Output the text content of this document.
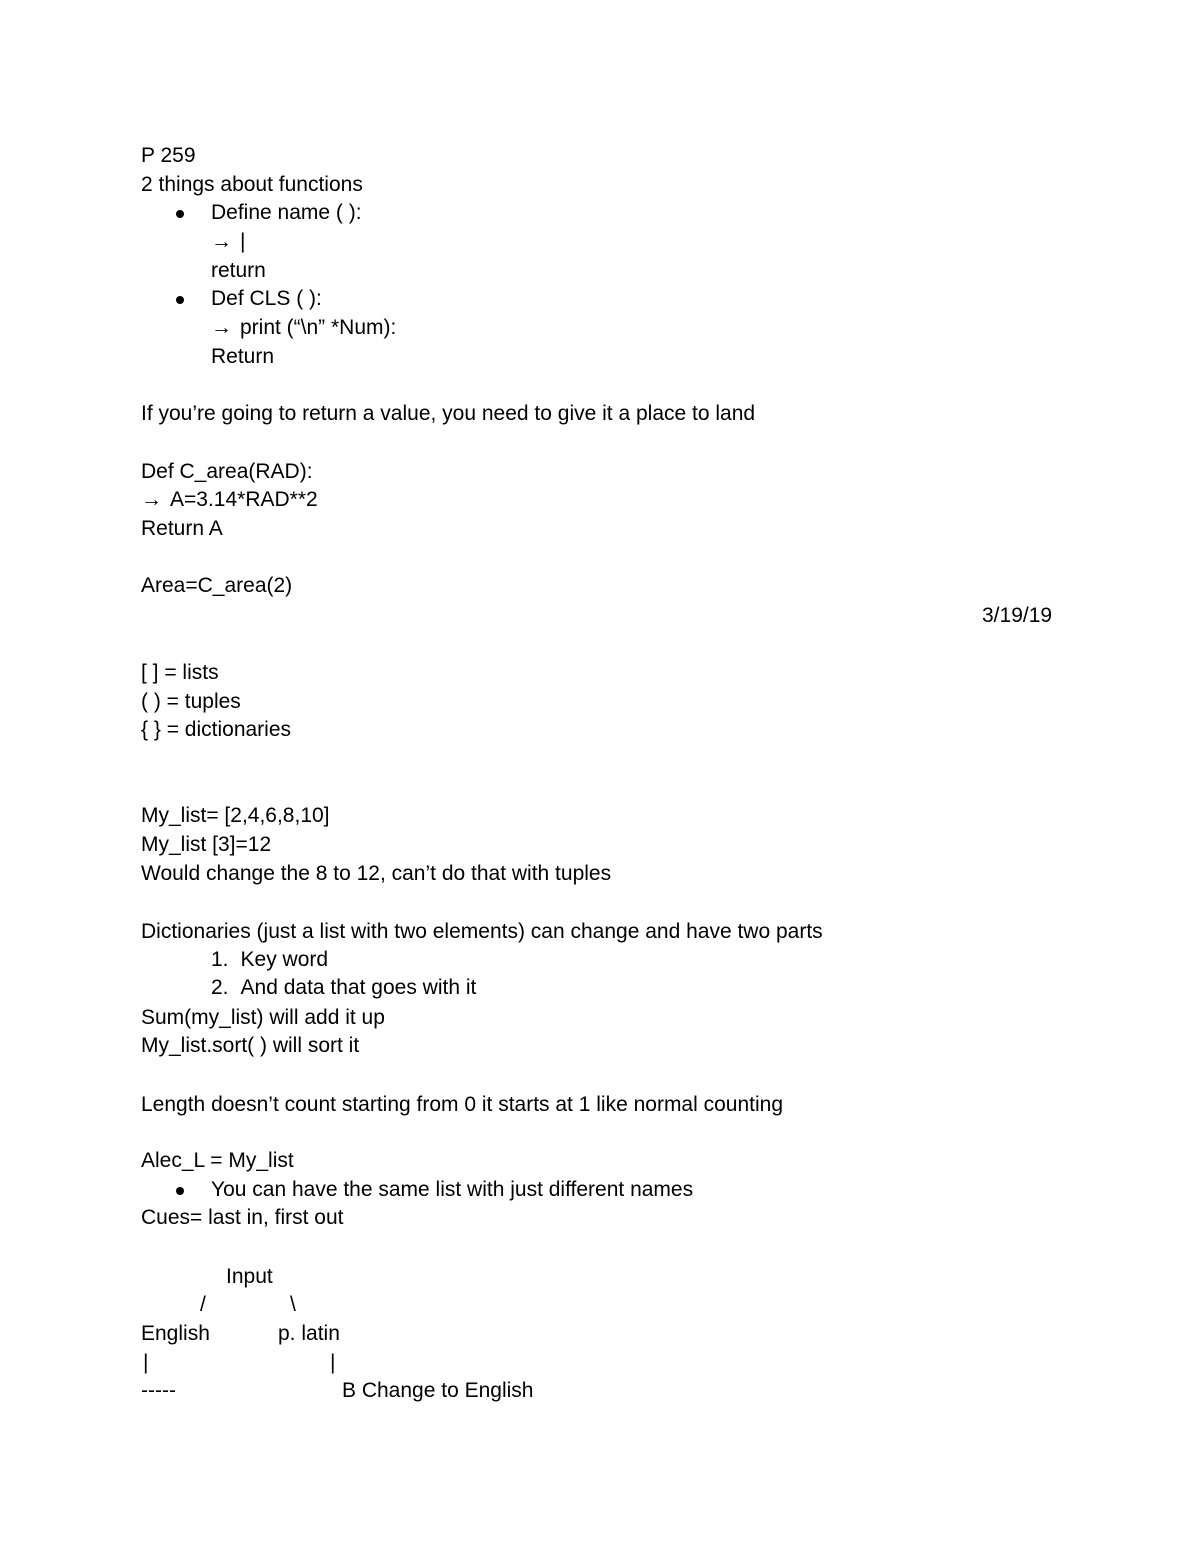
P 259
2 things about functions
Define name ( ):
→ |
return
Def CLS ( ):
→ print (“\n” *Num):
Return
If you’re going to return a value, you need to give it a place to land
Def C_area(RAD):
→ A=3.14*RAD**2
Return A
Area=C_area(2)
3/19/19
[ ] = lists
( ) = tuples
{ } = dictionaries
My_list= [2,4,6,8,10]
My_list [3]=12
Would change the 8 to 12, can’t do that with tuples
Dictionaries (just a list with two elements) can change and have two parts
1. Key word
2. And data that goes with it
Sum(my_list) will add it up
My_list.sort( ) will sort it
Length doesn’t count starting from 0 it starts at 1 like normal counting
Alec_L = My_list
You can have the same list with just different names
Cues= last in, first out
Input
/	\
English	p. latin
|	|
-----	B Change to English
